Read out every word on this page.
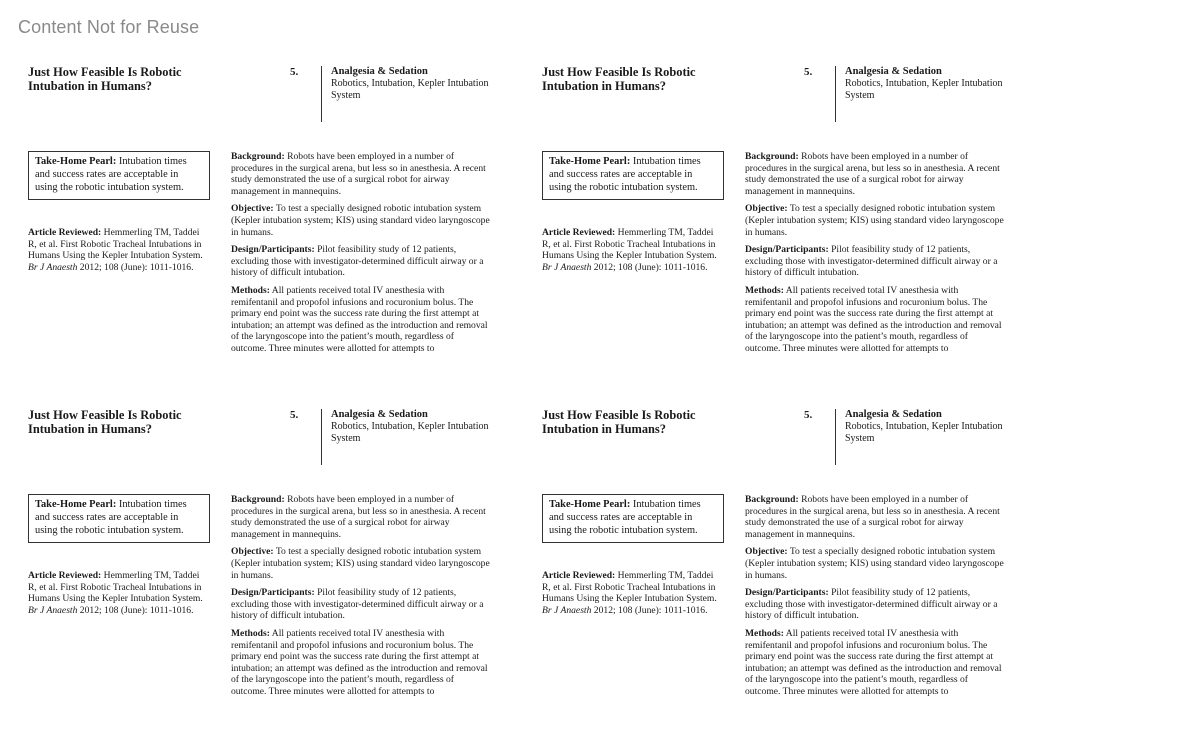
Content Not for Reuse
Just How Feasible Is Robotic Intubation in Humans?
5.	Analgesia & Sedation
Robotics, Intubation, Kepler Intubation System
Take-Home Pearl: Intubation times and success rates are acceptable in using the robotic intubation system.
Article Reviewed: Hemmerling TM, Taddei R, et al. First Robotic Tracheal Intubations in Humans Using the Kepler Intubation System. Br J Anaesth 2012; 108 (June): 1011-1016.

Background: Robots have been employed in a number of procedures in the surgical arena, but less so in anesthesia. A recent study demonstrated the use of a surgical robot for airway management in mannequins.

Objective: To test a specially designed robotic intubation system (Kepler intubation system; KIS) using standard video laryngoscope in humans.

Design/Participants: Pilot feasibility study of 12 patients, excluding those with investigator-determined difficult airway or a history of difficult intubation.

Methods: All patients received total IV anesthesia with remifentanil and propofol infusions and rocuronium bolus. The primary end point was the success rate during the first attempt at intubation; an attempt was defined as the introduction and removal of the laryngoscope into the patient’s mouth, regardless of outcome. Three minutes were allotted for attempts to

Just How Feasible Is Robotic Intubation in Humans?
5.	Analgesia & Sedation
Robotics, Intubation, Kepler Intubation System
Take-Home Pearl: Intubation times and success rates are acceptable in using the robotic intubation system.
Article Reviewed: Hemmerling TM, Taddei R, et al. First Robotic Tracheal Intubations in Humans Using the Kepler Intubation System. Br J Anaesth 2012; 108 (June): 1011-1016.

Background: Robots have been employed in a number of procedures in the surgical arena, but less so in anesthesia. A recent study demonstrated the use of a surgical robot for airway management in mannequins.

Objective: To test a specially designed robotic intubation system (Kepler intubation system; KIS) using standard video laryngoscope in humans.

Design/Participants: Pilot feasibility study of 12 patients, excluding those with investigator-determined difficult airway or a history of difficult intubation.

Methods: All patients received total IV anesthesia with remifentanil and propofol infusions and rocuronium bolus. The primary end point was the success rate during the first attempt at intubation; an attempt was defined as the introduction and removal of the laryngoscope into the patient’s mouth, regardless of outcome. Three minutes were allotted for attempts to

Just How Feasible Is Robotic Intubation in Humans?
5.	Analgesia & Sedation
Robotics, Intubation, Kepler Intubation System
Take-Home Pearl: Intubation times and success rates are acceptable in using the robotic intubation system.
Article Reviewed: Hemmerling TM, Taddei R, et al. First Robotic Tracheal Intubations in Humans Using the Kepler Intubation System. Br J Anaesth 2012; 108 (June): 1011-1016.

Background: Robots have been employed in a number of procedures in the surgical arena, but less so in anesthesia. A recent study demonstrated the use of a surgical robot for airway management in mannequins.

Objective: To test a specially designed robotic intubation system (Kepler intubation system; KIS) using standard video laryngoscope in humans.

Design/Participants: Pilot feasibility study of 12 patients, excluding those with investigator-determined difficult airway or a history of difficult intubation.

Methods: All patients received total IV anesthesia with remifentanil and propofol infusions and rocuronium bolus. The primary end point was the success rate during the first attempt at intubation; an attempt was defined as the introduction and removal of the laryngoscope into the patient’s mouth, regardless of outcome. Three minutes were allotted for attempts to

Just How Feasible Is Robotic Intubation in Humans?
5.	Analgesia & Sedation
Robotics, Intubation, Kepler Intubation System
Take-Home Pearl: Intubation times and success rates are acceptable in using the robotic intubation system.
Article Reviewed: Hemmerling TM, Taddei R, et al. First Robotic Tracheal Intubations in Humans Using the Kepler Intubation System. Br J Anaesth 2012; 108 (June): 1011-1016.

Background: Robots have been employed in a number of procedures in the surgical arena, but less so in anesthesia. A recent study demonstrated the use of a surgical robot for airway management in mannequins.

Objective: To test a specially designed robotic intubation system (Kepler intubation system; KIS) using standard video laryngoscope in humans.

Design/Participants: Pilot feasibility study of 12 patients, excluding those with investigator-determined difficult airway or a history of difficult intubation.

Methods: All patients received total IV anesthesia with remifentanil and propofol infusions and rocuronium bolus. The primary end point was the success rate during the first attempt at intubation; an attempt was defined as the introduction and removal of the laryngoscope into the patient’s mouth, regardless of outcome. Three minutes were allotted for attempts to
